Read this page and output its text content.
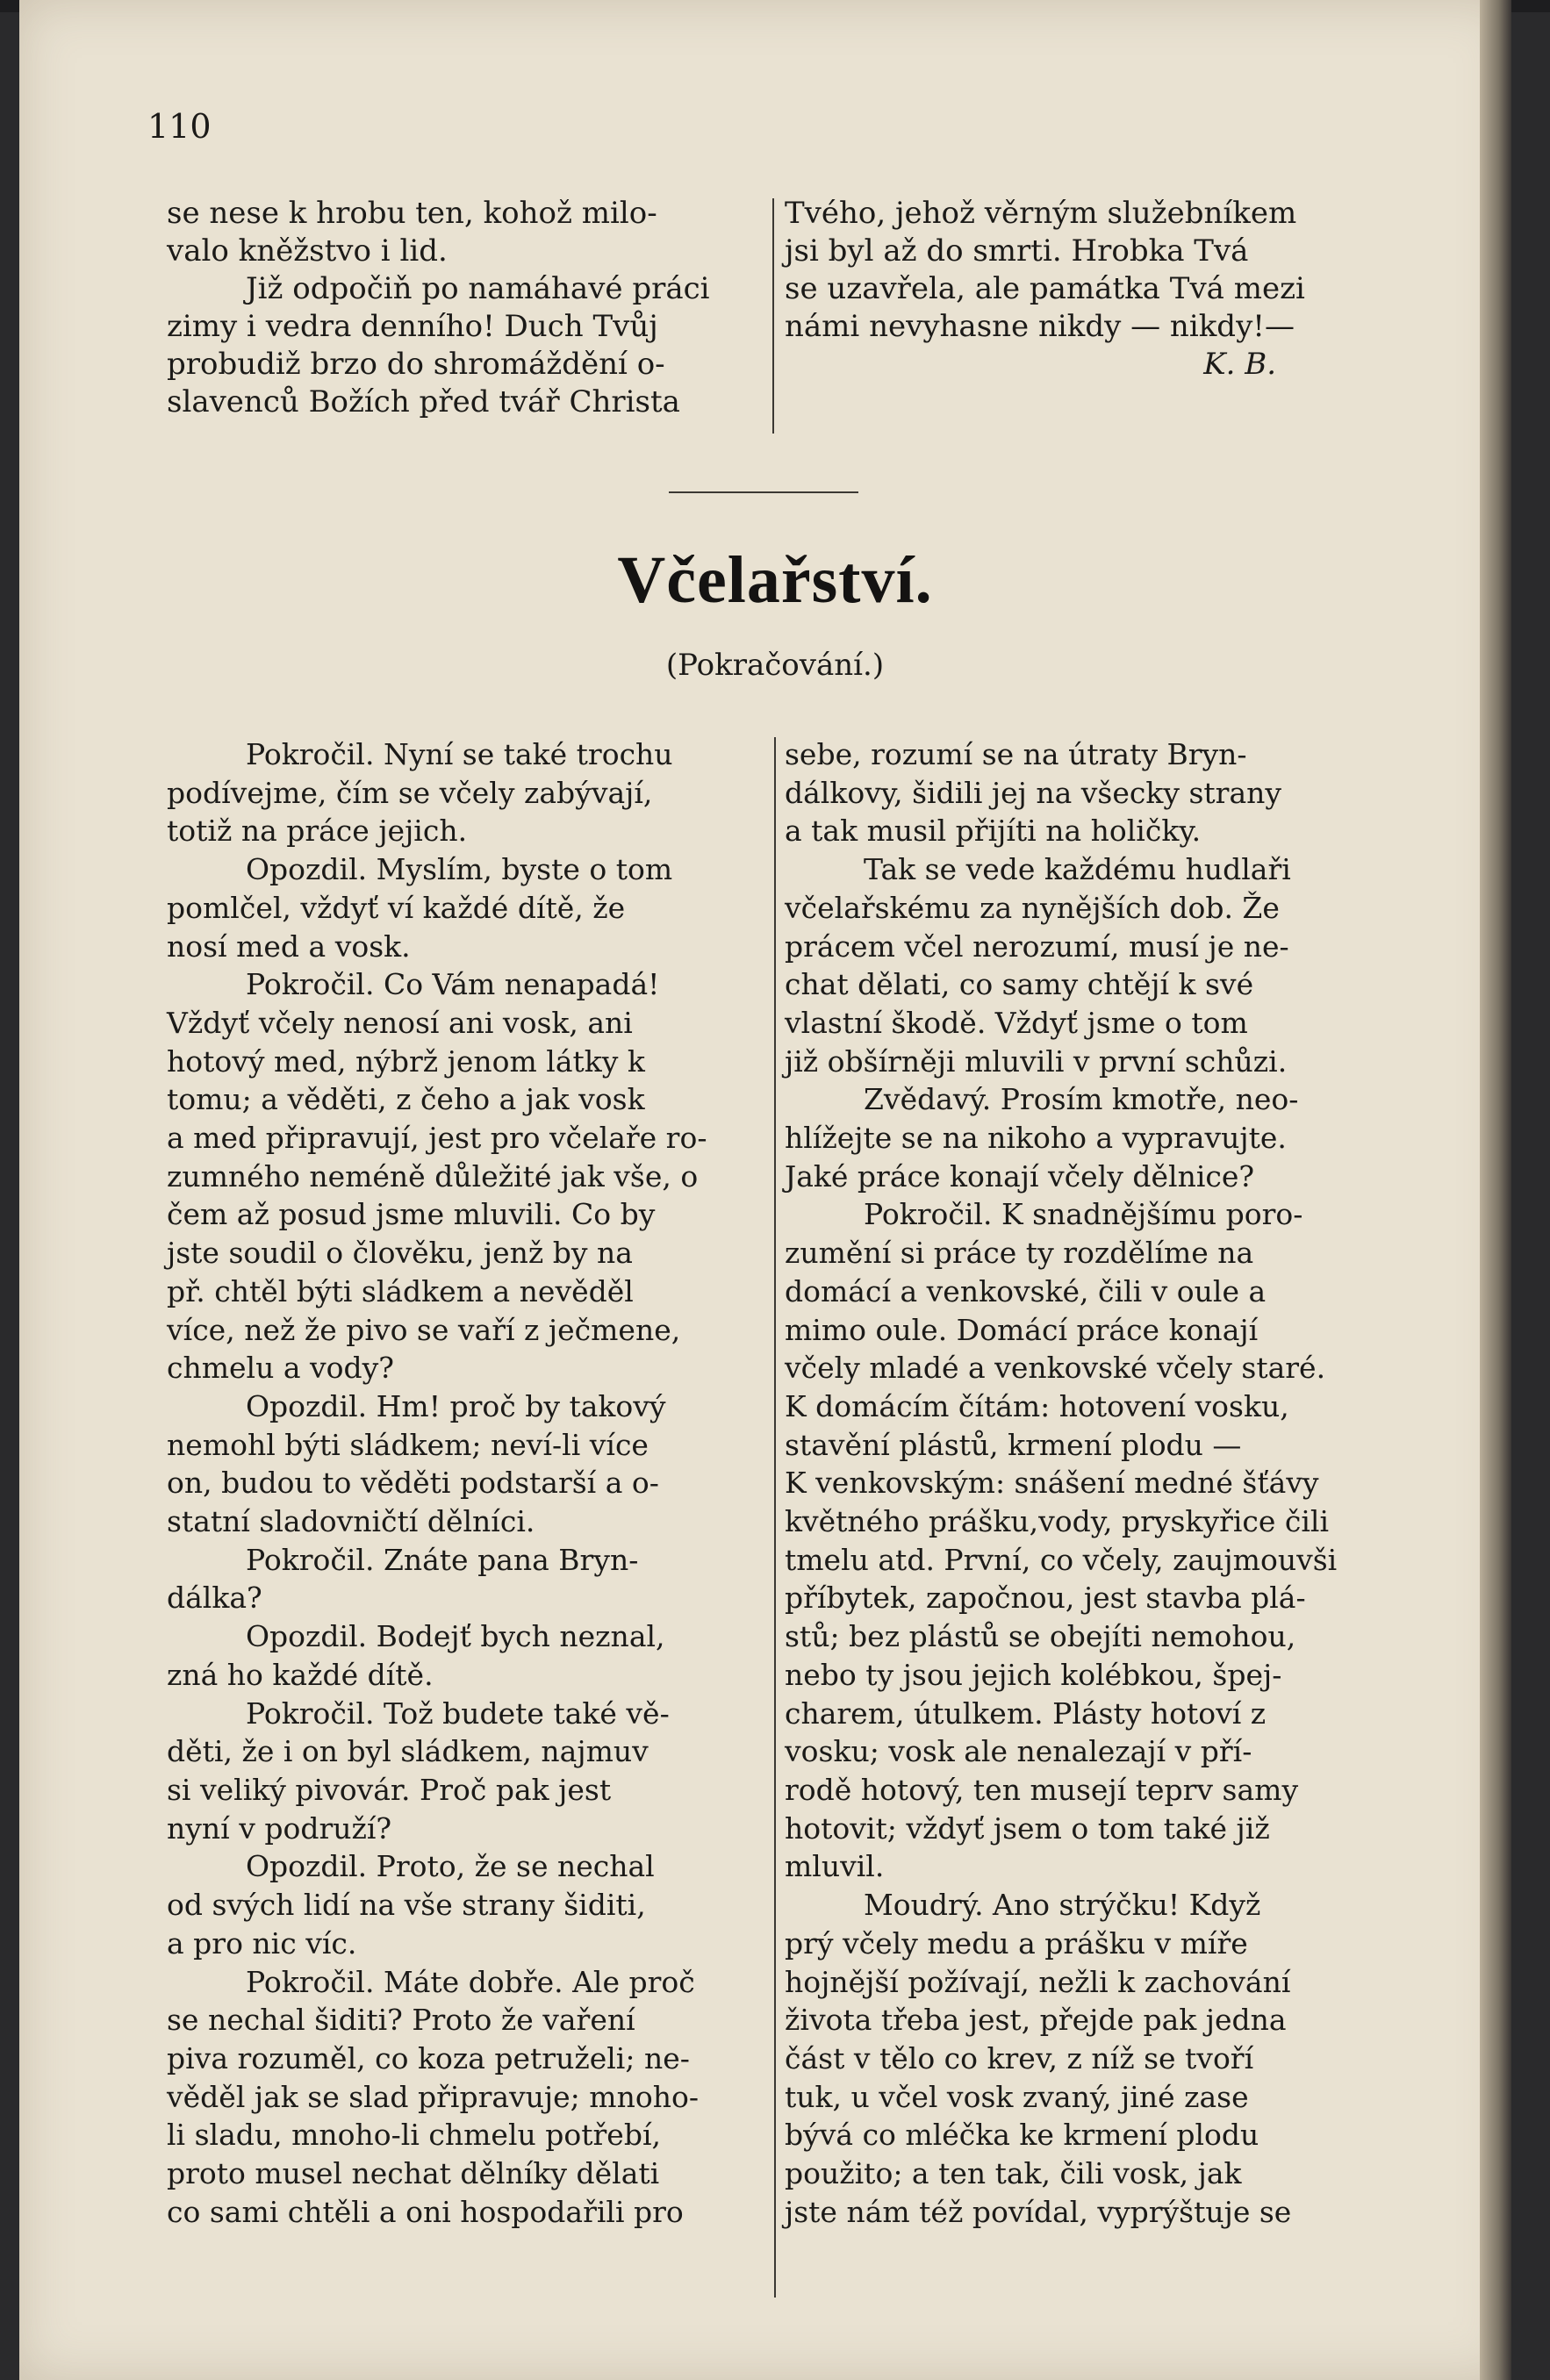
110

se nese k hrobu ten, kohož milo-

valo kněžstvo i lid.

Již odpočiň po namáhavé práci

zimy i vedra denního! Duch Tvůj

probudiž brzo do shromáždění o-

slavenců Božích před tvář Christa

Tvého, jehož věrným služebníkem

jsi byl až do smrti. Hrobka Tvá

se uzavřela, ale památka Tvá mezi

námi nevyhasne nikdy — nikdy!—

K. B.

Včelařství.
(Pokračování.)

Pokročil. Nyní se také trochu

podívejme, čím se včely zabývají,

totiž na práce jejich.

Opozdil. Myslím, byste o tom

pomlčel, vždyť ví každé dítě, že

nosí med a vosk.

Pokročil. Co Vám nenapadá!

Vždyť včely nenosí ani vosk, ani

hotový med, nýbrž jenom látky k

tomu; a věděti, z čeho a jak vosk

a med připravují, jest pro včelaře ro-

zumného neméně důležité jak vše, o

čem až posud jsme mluvili. Co by

jste soudil o člověku, jenž by na

př. chtěl býti sládkem a nevěděl

více, než že pivo se vaří z ječmene,

chmelu a vody?

Opozdil. Hm! proč by takový

nemohl býti sládkem; neví-li více

on, budou to věděti podstarší a o-

statní sladovničtí dělníci.

Pokročil. Znáte pana Bryn-

dálka?

Opozdil. Bodejť bych neznal,

zná ho každé dítě.

Pokročil. Tož budete také vě-

děti, že i on byl sládkem, najmuv

si veliký pivovár. Proč pak jest

nyní v podruží?

Opozdil. Proto, že se nechal

od svých lidí na vše strany šiditi,

a pro nic víc.

Pokročil. Máte dobře. Ale proč

se nechal šiditi? Proto že vaření

piva rozuměl, co koza petruželi; ne-

věděl jak se slad připravuje; mnoho-

li sladu, mnoho-li chmelu potřebí,

proto musel nechat dělníky dělati

co sami chtěli a oni hospodařili pro

sebe, rozumí se na útraty Bryn-

dálkovy, šidili jej na všecky strany

a tak musil přijíti na holičky.

Tak se vede každému hudlaři

včelařskému za nynějších dob. Že

prácem včel nerozumí, musí je ne-

chat dělati, co samy chtějí k své

vlastní škodě. Vždyť jsme o tom

již obšírněji mluvili v první schůzi.

Zvědavý. Prosím kmotře, neo-

hlížejte se na nikoho a vypravujte.

Jaké práce konají včely dělnice?

Pokročil. K snadnějšímu poro-

zumění si práce ty rozdělíme na

domácí a venkovské, čili v oule a

mimo oule. Domácí práce konají

včely mladé a venkovské včely staré.

K domácím čítám: hotovení vosku,

stavění plástů, krmení plodu —

K venkovským: snášení medné šťávy

květného prášku,vody, pryskyřice čili

tmelu atd. První, co včely, zaujmouvši

příbytek, započnou, jest stavba plá-

stů; bez plástů se obejíti nemohou,

nebo ty jsou jejich kolébkou, špej-

charem, útulkem. Plásty hotoví z

vosku; vosk ale nenalezají v pří-

rodě hotový, ten musejí teprv samy

hotovit; vždyť jsem o tom také již

mluvil.

Moudrý. Ano strýčku! Když

prý včely medu a prášku v míře

hojnější požívají, nežli k zachování

života třeba jest, přejde pak jedna

část v tělo co krev, z níž se tvoří

tuk, u včel vosk zvaný, jiné zase

bývá co mléčka ke krmení plodu

použito; a ten tak, čili vosk, jak

jste nám též povídal, vyprýštuje se
